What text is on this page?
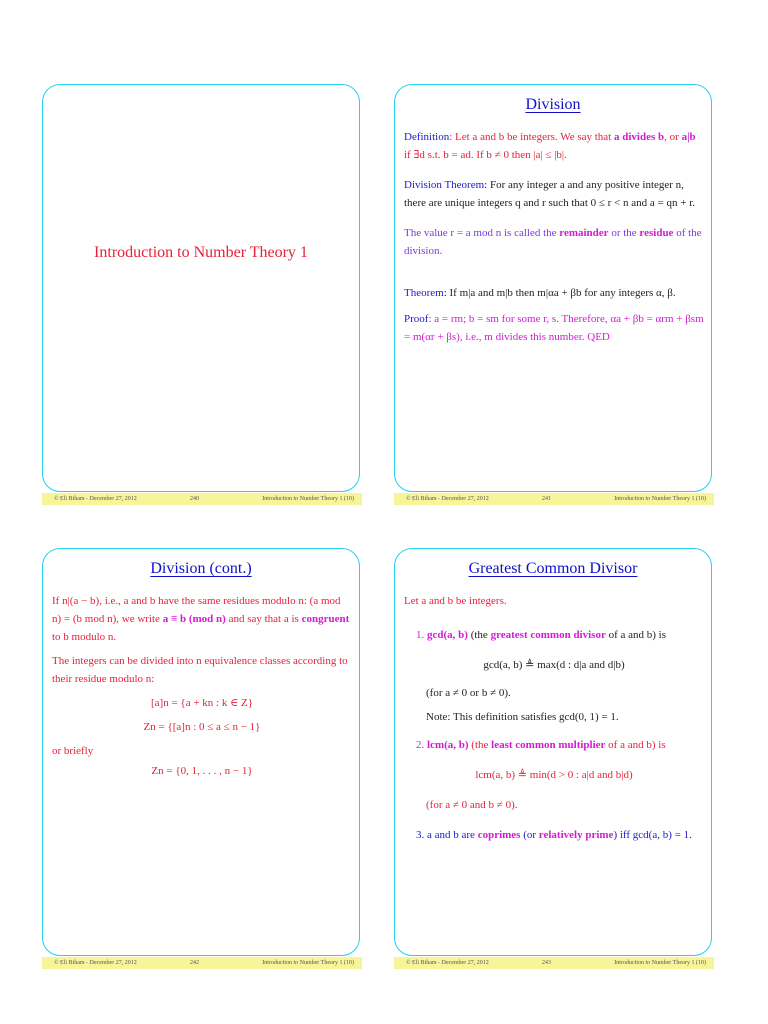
Introduction to Number Theory 1
© Eli Biham - December 27, 2012	240	Introduction to Number Theory 1 (10)
Division

Definition: Let a and b be integers. We say that a divides b, or a|b if ∃d s.t. b = ad. If b ≠ 0 then |a| ≤ |b|.

Division Theorem: For any integer a and any positive integer n, there are unique integers q and r such that 0 ≤ r < n and a = qn + r.

The value r = a mod n is called the remainder or the residue of the division.

Theorem: If m|a and m|b then m|αa + βb for any integers α, β.

Proof: a = rm; b = sm for some r, s. Therefore, αa + βb = αrm + βsm = m(αr + βs), i.e., m divides this number. QED

© Eli Biham - December 27, 2012	241	Introduction to Number Theory 1 (10)
Division (cont.)

If n|(a − b), i.e., a and b have the same residues modulo n: (a mod n) = (b mod n), we write a ≡ b (mod n) and say that a is congruent to b modulo n.

The integers can be divided into n equivalence classes according to their residue modulo n:

[a]n = {a + kn : k ∈ Z}

Zn = {[a]n : 0 ≤ a ≤ n − 1}

or briefly

Zn = {0, 1, . . . , n − 1}

© Eli Biham - December 27, 2012	242	Introduction to Number Theory 1 (10)
Greatest Common Divisor

Let a and b be integers.

1. gcd(a, b) (the greatest common divisor of a and b) is

gcd(a, b) ≜ max(d : d|a and d|b)

(for a ≠ 0 or b ≠ 0).

Note: This definition satisfies gcd(0, 1) = 1.

2. lcm(a, b) (the least common multiplier of a and b) is

lcm(a, b) ≜ min(d > 0 : a|d and b|d)

(for a ≠ 0 and b ≠ 0).

3. a and b are coprimes (or relatively prime) iff gcd(a, b) = 1.

© Eli Biham - December 27, 2012	243	Introduction to Number Theory 1 (10)
